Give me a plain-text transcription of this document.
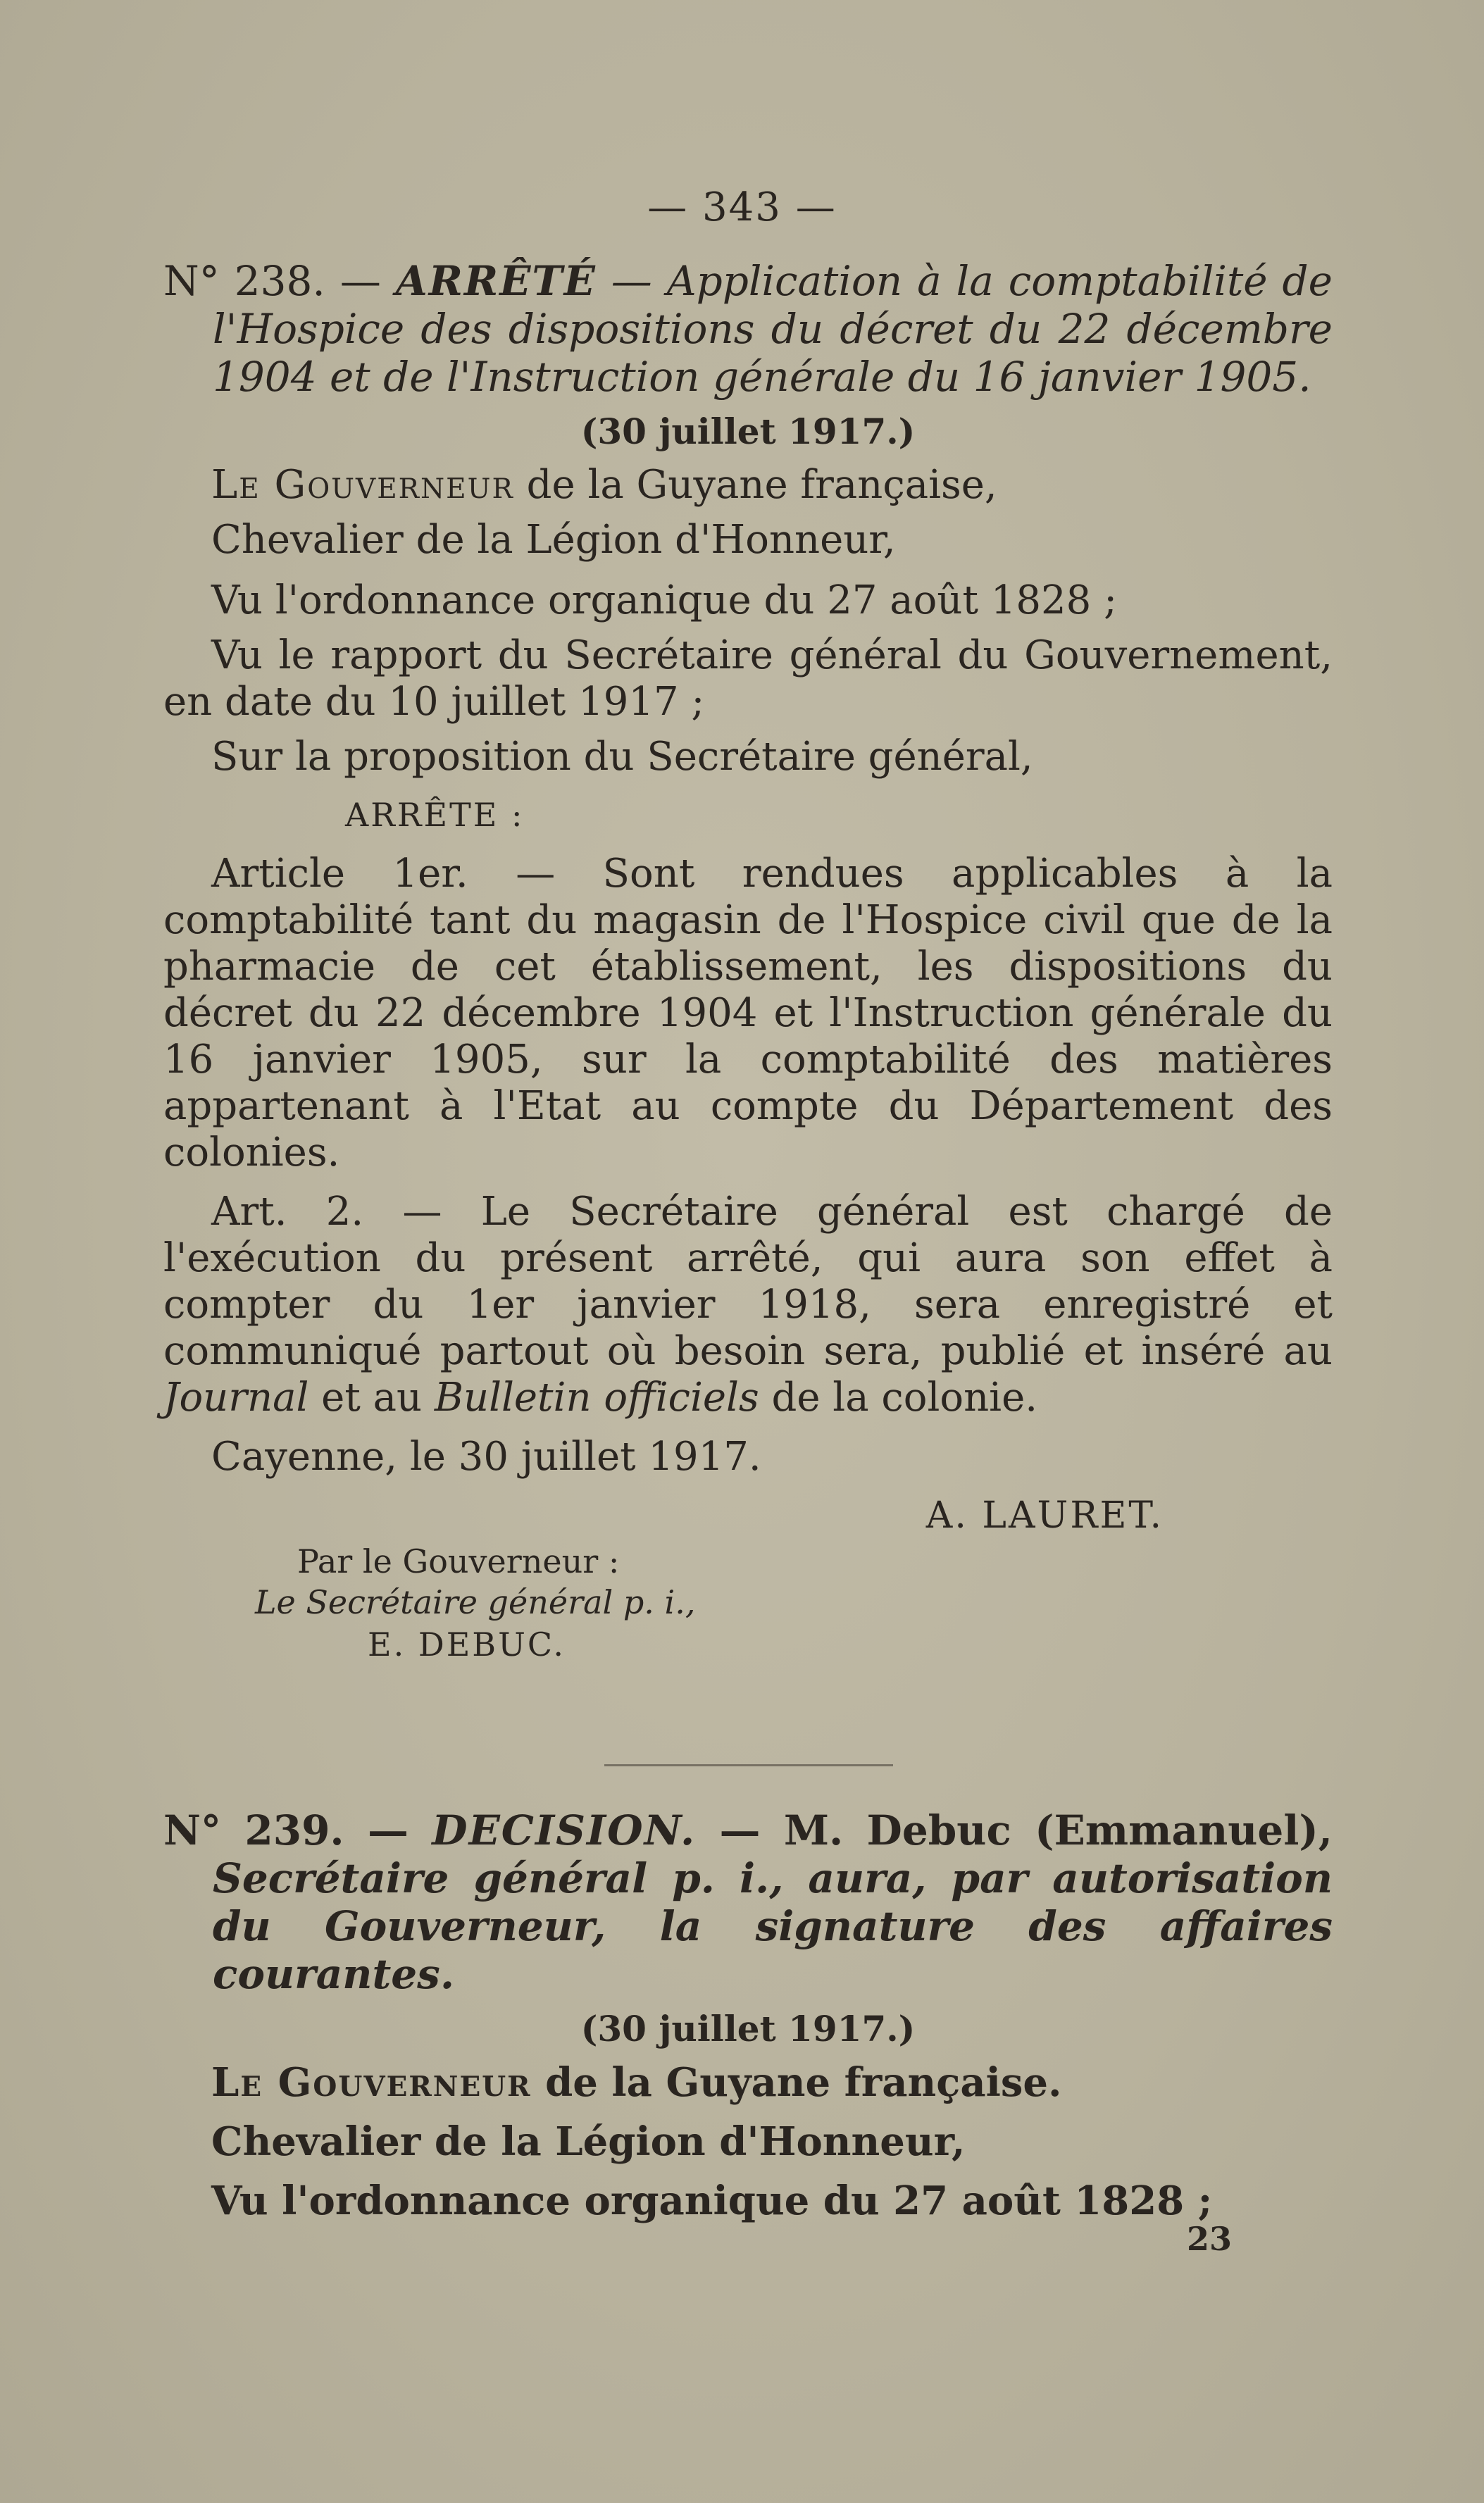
— 343 —
N° 238. — ARRÊTÉ — Application à la comptabilité de l'Hospice des dispositions du décret du 22 décembre 1904 et de l'Instruction générale du 16 janvier 1905.
(30 juillet 1917.)

Le Gouverneur de la Guyane française,

Chevalier de la Légion d'Honneur,

Vu l'ordonnance organique du 27 août 1828 ;

Vu le rapport du Secrétaire général du Gouvernement, en date du 10 juillet 1917 ;

Sur la proposition du Secrétaire général,

ARRÊTE :

Article 1er. — Sont rendues applicables à la comptabilité tant du magasin de l'Hospice civil que de la pharmacie de cet établissement, les dispositions du décret du 22 décembre 1904 et l'Instruction générale du 16 janvier 1905, sur la comptabilité des matières appartenant à l'Etat au compte du Département des colonies.

Art. 2. — Le Secrétaire général est chargé de l'exécution du présent arrêté, qui aura son effet à compter du 1er janvier 1918, sera enregistré et communiqué partout où besoin sera, publié et inséré au Journal et au Bulletin officiels de la colonie.

Cayenne, le 30 juillet 1917.

A. LAURET.
Par le Gouverneur :
Le Secrétaire général p. i.,
E. DEBUC.
N° 239. — DECISION. — M. Debuc (Emmanuel), Secrétaire général p. i., aura, par autorisation du Gouverneur, la signature des affaires courantes.
(30 juillet 1917.)

Le Gouverneur de la Guyane française.

Chevalier de la Légion d'Honneur,

Vu l'ordonnance organique du 27 août 1828 ;

23
